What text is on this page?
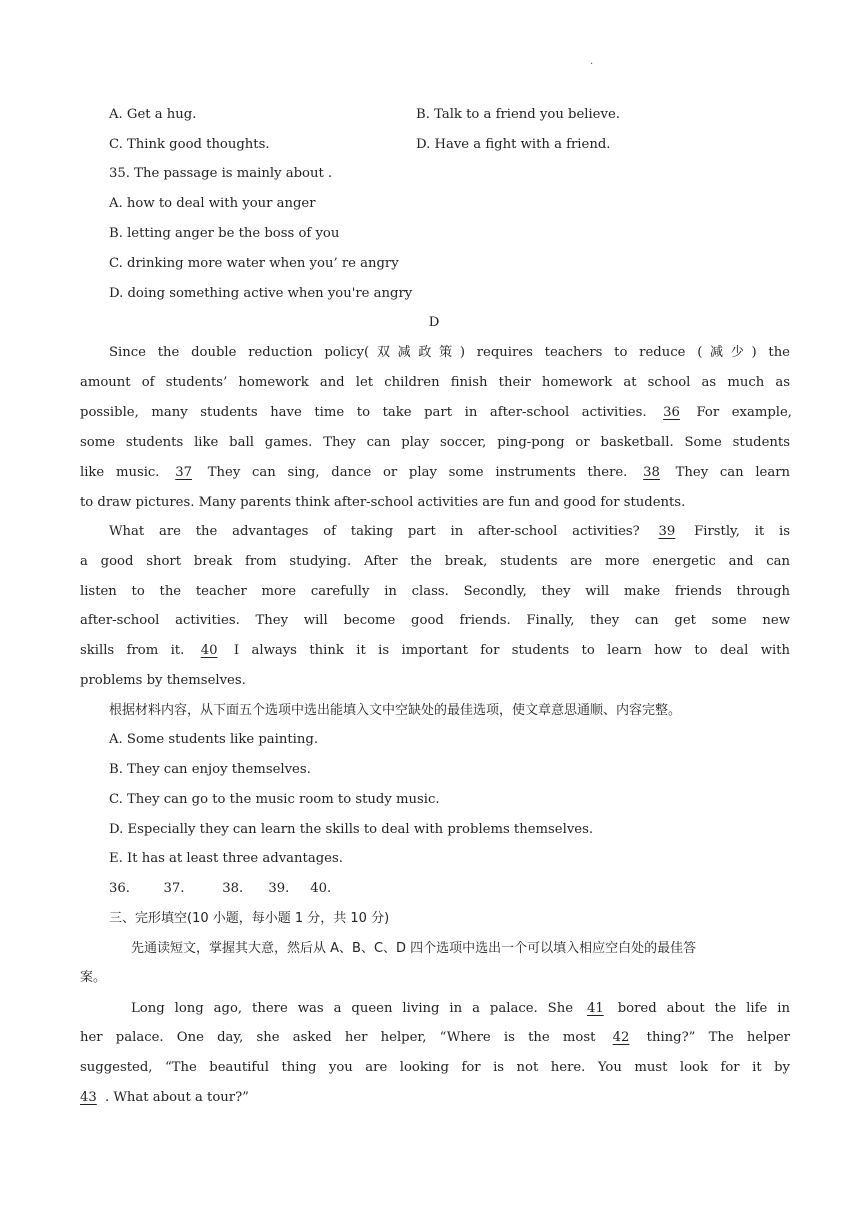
.
A. Get a hug.	B. Talk to a friend you believe.
C. Think good thoughts.	D. Have a fight with a friend.
35. The passage is mainly about .
A. how to deal with your anger
B. letting anger be the boss of you
C. drinking more water when you’ re angry
D. doing something active when you're angry
D
Since the double reduction policy(双减政策) requires teachers to reduce (减少) the
amount of students’ homework and let children finish their homework at school as much as
possible, many students have time to take part in after-school activities. 36 For example,
some students like ball games. They can play soccer, ping-pong or basketball. Some students
like music. 37 They can sing, dance or play some instruments there. 38 They can learn
to draw pictures. Many parents think after-school activities are fun and good for students.
What are the advantages of taking part in after-school activities? 39 Firstly, it is
a good short break from studying. After the break, students are more energetic and can
listen to the teacher more carefully in class. Secondly, they will make friends through
after-school activities. They will become good friends. Finally, they can get some new
skills from it. 40 I always think it is important for students to learn how to deal with
problems by themselves.
根据材料内容，从下面五个选项中选出能填入文中空缺处的最佳选项，使文章意思通顺、内容完整。
A. Some students like painting.
B. They can enjoy themselves.
C. They can go to the music room to study music.
D. Especially they can learn the skills to deal with problems themselves.
E. It has at least three advantages.
36.        37.         38.      39.     40.
三、完形填空(10 小题，每小题 1 分，共 10 分)
先通读短文，掌握其大意，然后从 A、B、C、D 四个选项中选出一个可以填入相应空白处的最佳答
案。
Long long ago, there was a queen living in a palace. She 41 bored about the life in
her palace. One day, she asked her helper, “Where is the most 42 thing?” The helper
suggested, “The beautiful thing you are looking for is not here. You must look for it by
43 . What about a tour?”
